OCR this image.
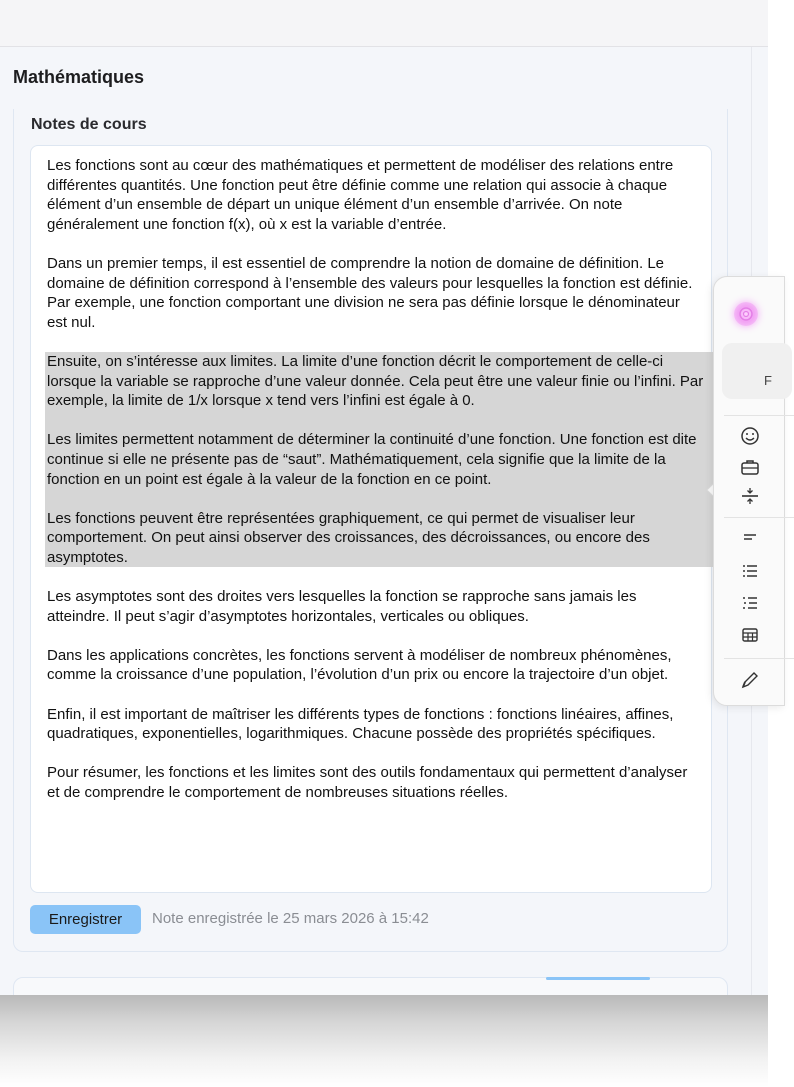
Mathématiques
Notes de cours

Les fonctions sont au cœur des mathématiques et permettent de modéliser des relations entre différentes quantités. Une fonction peut être définie comme une relation qui associe à chaque élément d’un ensemble de départ un unique élément d’un ensemble d’arrivée. On note généralement une fonction f(x), où x est la variable d’entrée.

Dans un premier temps, il est essentiel de comprendre la notion de domaine de définition. Le domaine de définition correspond à l’ensemble des valeurs pour lesquelles la fonction est définie. Par exemple, une fonction comportant une division ne sera pas définie lorsque le dénominateur est nul.

Ensuite, on s’intéresse aux limites. La limite d’une fonction décrit le comportement de celle-ci lorsque la variable se rapproche d’une valeur donnée. Cela peut être une valeur finie ou l’infini. Par exemple, la limite de 1/x lorsque x tend vers l’infini est égale à 0.

Les limites permettent notamment de déterminer la continuité d’une fonction. Une fonction est dite continue si elle ne présente pas de “saut”. Mathématiquement, cela signifie que la limite de la fonction en un point est égale à la valeur de la fonction en ce point.

Les fonctions peuvent être représentées graphiquement, ce qui permet de visualiser leur comportement. On peut ainsi observer des croissances, des décroissances, ou encore des asymptotes.

Les asymptotes sont des droites vers lesquelles la fonction se rapproche sans jamais les atteindre. Il peut s’agir d’asymptotes horizontales, verticales ou obliques.

Dans les applications concrètes, les fonctions servent à modéliser de nombreux phénomènes, comme la croissance d’une population, l’évolution d’un prix ou encore la trajectoire d’un objet.

Enfin, il est important de maîtriser les différents types de fonctions : fonctions linéaires, affines, quadratiques, exponentielles, logarithmiques. Chacune possède des propriétés spécifiques.

Pour résumer, les fonctions et les limites sont des outils fondamentaux qui permettent d’analyser et de comprendre le comportement de nombreuses situations réelles.

Enregistrer	Note enregistrée le 25 mars 2026 à 15:42
F
